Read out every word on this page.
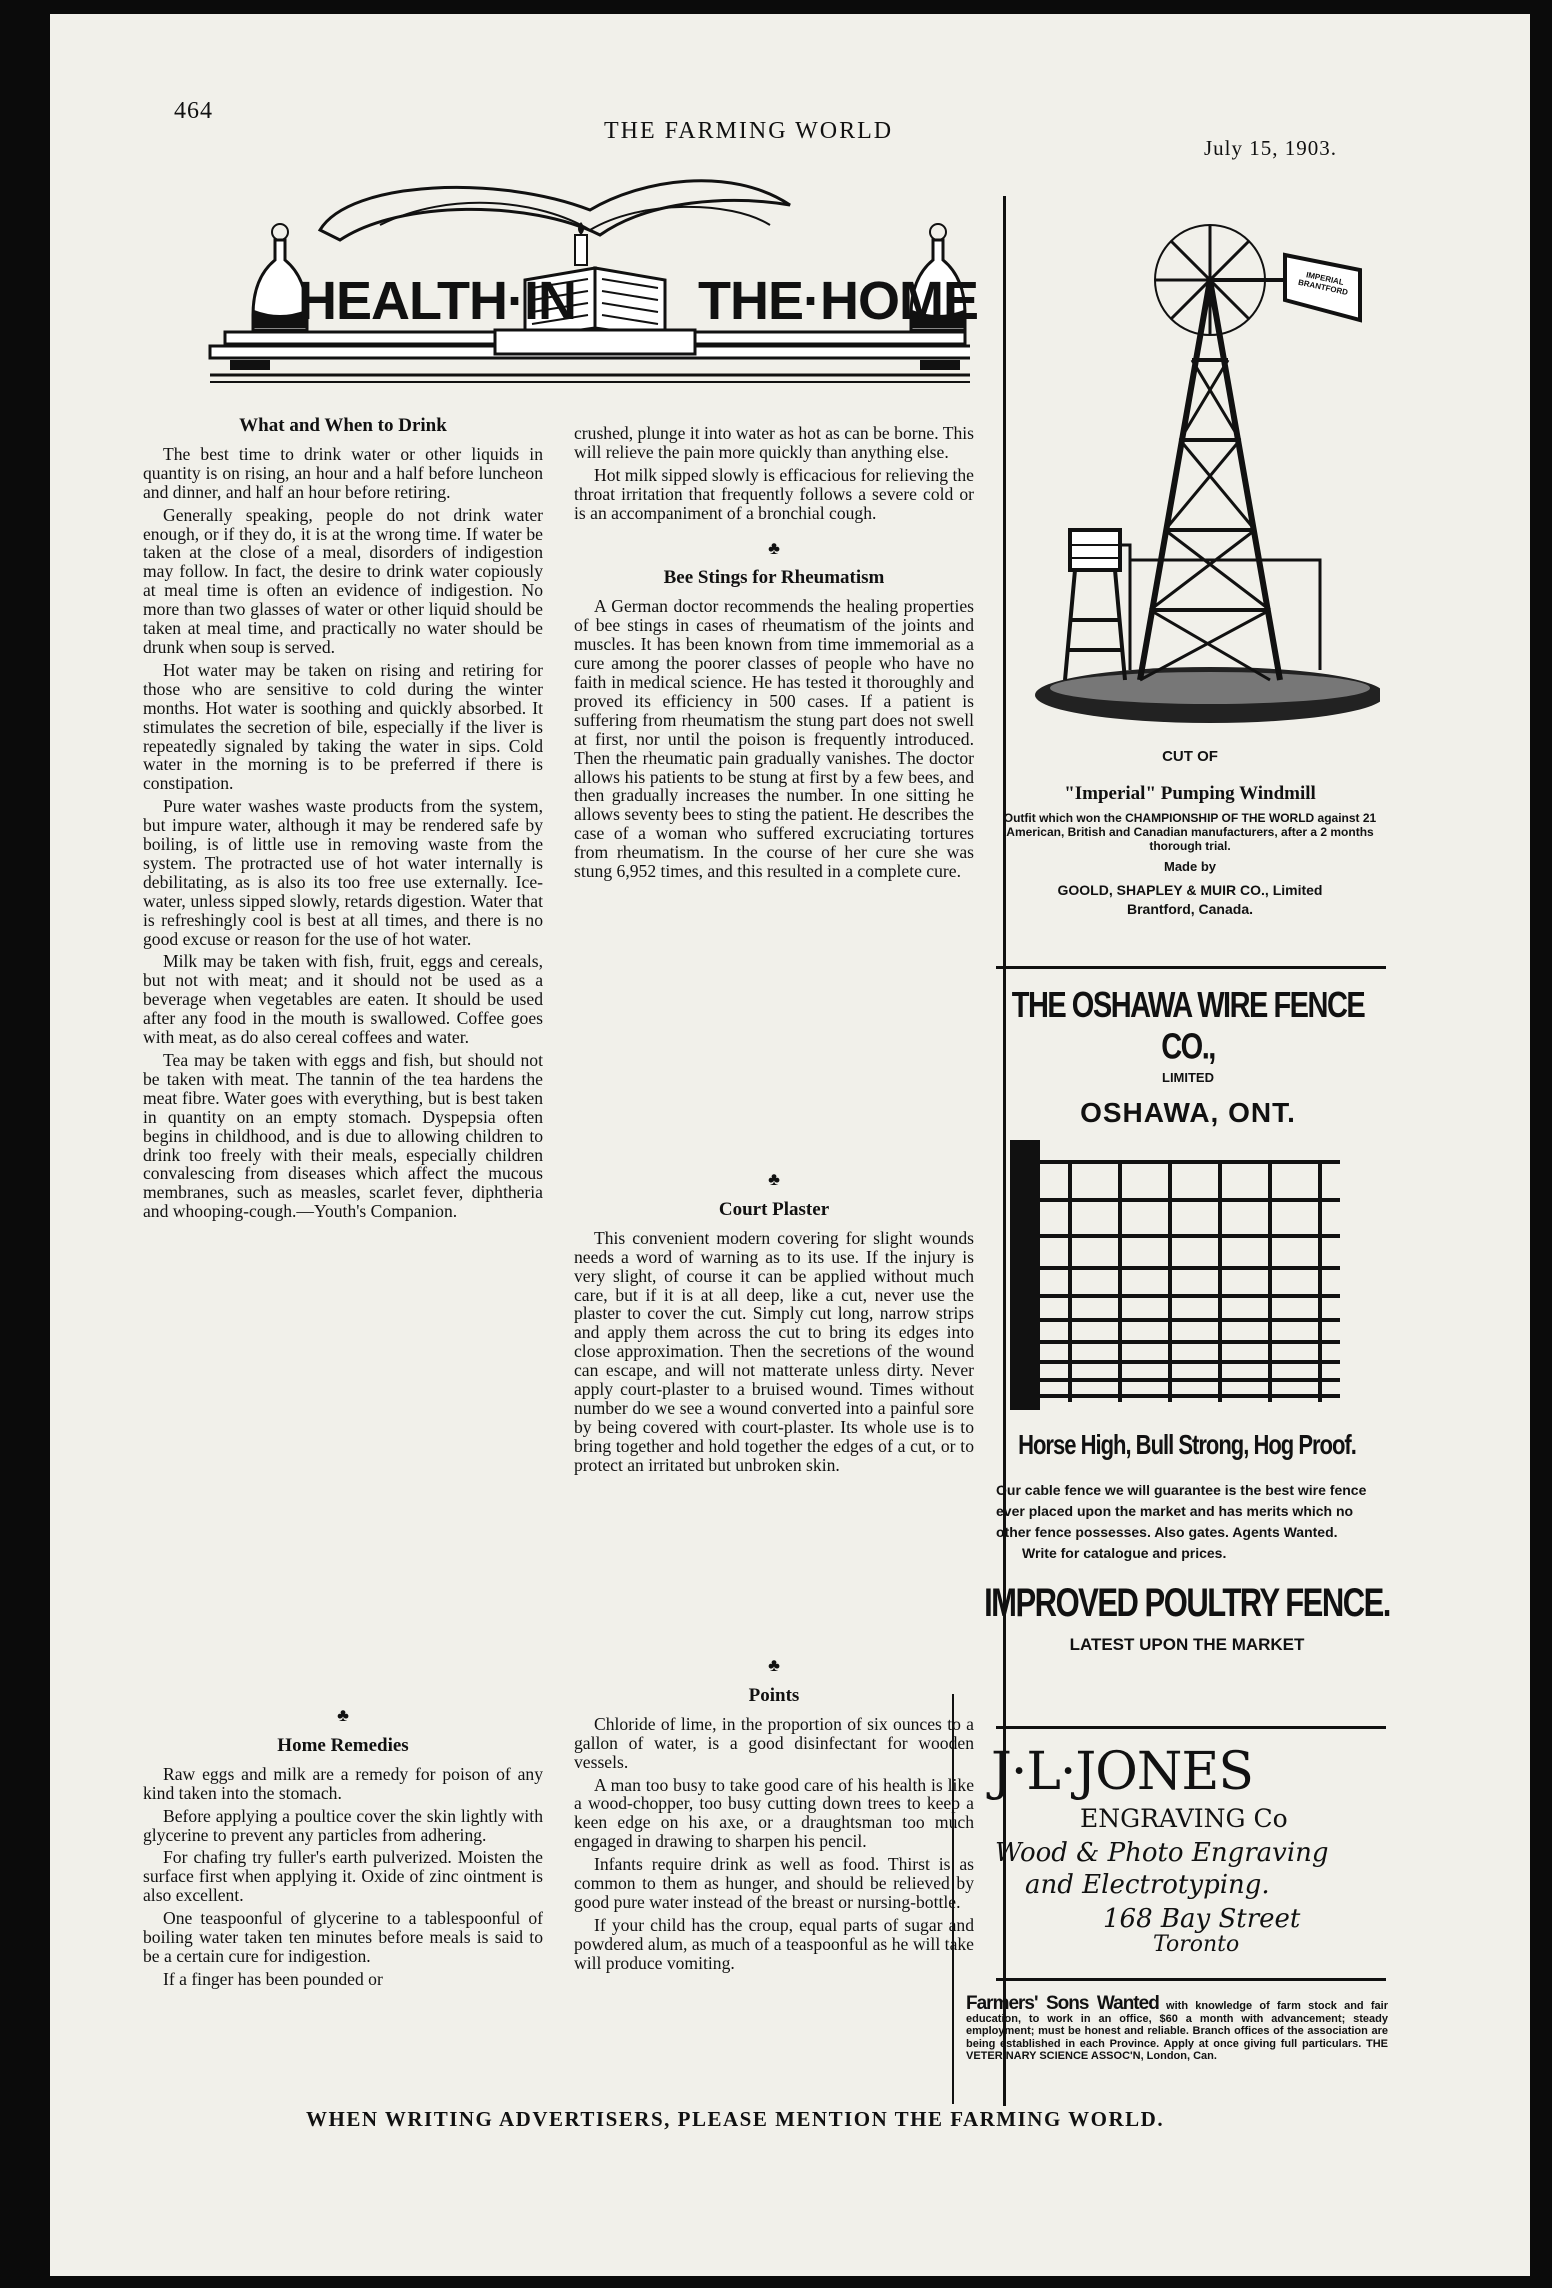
464
THE FARMING WORLD
July 15, 1903.
HEALTH·IN THE·HOME
What and When to Drink

The best time to drink water or other liquids in quantity is on rising, an hour and a half before luncheon and dinner, and half an hour before retiring.

Generally speaking, people do not drink water enough, or if they do, it is at the wrong time. If water be taken at the close of a meal, disorders of indigestion may follow. In fact, the desire to drink water copiously at meal time is often an evidence of indigestion. No more than two glasses of water or other liquid should be taken at meal time, and practically no water should be drunk when soup is served.

Hot water may be taken on rising and retiring for those who are sensitive to cold during the winter months. Hot water is soothing and quickly absorbed. It stimulates the secretion of bile, especially if the liver is repeatedly signaled by taking the water in sips. Cold water in the morning is to be preferred if there is constipation.

Pure water washes waste products from the system, but impure water, although it may be rendered safe by boiling, is of little use in removing waste from the system. The protracted use of hot water internally is debilitating, as is also its too free use externally. Ice-water, unless sipped slowly, retards digestion. Water that is refreshingly cool is best at all times, and there is no good excuse or reason for the use of hot water.

Milk may be taken with fish, fruit, eggs and cereals, but not with meat; and it should not be used as a beverage when vegetables are eaten. It should be used after any food in the mouth is swallowed. Coffee goes with meat, as do also cereal coffees and water.

Tea may be taken with eggs and fish, but should not be taken with meat. The tannin of the tea hardens the meat fibre. Water goes with everything, but is best taken in quantity on an empty stomach. Dyspepsia often begins in childhood, and is due to allowing children to drink too freely with their meals, especially children convalescing from diseases which affect the mucous membranes, such as measles, scarlet fever, diphtheria and whooping-cough.—Youth's Companion.

♣
Home Remedies

Raw eggs and milk are a remedy for poison of any kind taken into the stomach.

Before applying a poultice cover the skin lightly with glycerine to prevent any particles from adhering.

For chafing try fuller's earth pulverized. Moisten the surface first when applying it. Oxide of zinc ointment is also excellent.

One teaspoonful of glycerine to a tablespoonful of boiling water taken ten minutes before meals is said to be a certain cure for indigestion.

If a finger has been pounded or

crushed, plunge it into water as hot as can be borne. This will relieve the pain more quickly than anything else.

Hot milk sipped slowly is efficacious for relieving the throat irritation that frequently follows a severe cold or is an accompaniment of a bronchial cough.

♣
Bee Stings for Rheumatism

A German doctor recommends the healing properties of bee stings in cases of rheumatism of the joints and muscles. It has been known from time immemorial as a cure among the poorer classes of people who have no faith in medical science. He has tested it thoroughly and proved its efficiency in 500 cases. If a patient is suffering from rheumatism the stung part does not swell at first, nor until the poison is frequently introduced. Then the rheumatic pain gradually vanishes. The doctor allows his patients to be stung at first by a few bees, and then gradually increases the number. In one sitting he allows seventy bees to sting the patient. He describes the case of a woman who suffered excruciating tortures from rheumatism. In the course of her cure she was stung 6,952 times, and this resulted in a complete cure.

♣
Court Plaster

This convenient modern covering for slight wounds needs a word of warning as to its use. If the injury is very slight, of course it can be applied without much care, but if it is at all deep, like a cut, never use the plaster to cover the cut. Simply cut long, narrow strips and apply them across the cut to bring its edges into close approximation. Then the secretions of the wound can escape, and will not matterate unless dirty. Never apply court-plaster to a bruised wound. Times without number do we see a wound converted into a painful sore by being covered with court-plaster. Its whole use is to bring together and hold together the edges of a cut, or to protect an irritated but unbroken skin.

♣
Points

Chloride of lime, in the proportion of six ounces to a gallon of water, is a good disinfectant for wooden vessels.

A man too busy to take good care of his health is like a wood-chopper, too busy cutting down trees to keep a keen edge on his axe, or a draughtsman too much engaged in drawing to sharpen his pencil.

Infants require drink as well as food. Thirst is as common to them as hunger, and should be relieved by good pure water instead of the breast or nursing-bottle.

If your child has the croup, equal parts of sugar and powdered alum, as much of a teaspoonful as he will take will produce vomiting.

IMPERIAL BRANTFORD
CUT OF
"Imperial" Pumping Windmill
Outfit which won the CHAMPIONSHIP OF THE WORLD against 21 American, British and Canadian manufacturers, after a 2 months thorough trial.
Made by
GOOLD, SHAPLEY & MUIR CO., Limited
Brantford, Canada.
THE OSHAWA WIRE FENCE CO.,
LIMITED
OSHAWA, ONT.
Horse High, Bull Strong, Hog Proof.
Our cable fence we will guarantee is the best wire fence ever placed upon the market and has merits which no other fence possesses. Also gates. Agents Wanted.
Write for catalogue and prices.
IMPROVED POULTRY FENCE.
LATEST UPON THE MARKET
J·L·JONES
ENGRAVING Co
Wood & Photo Engraving
and Electrotyping.
168 Bay Street
Toronto
Farmers' Sons Wanted with knowledge of farm stock and fair education, to work in an office, $60 a month with advancement; steady employment; must be honest and reliable. Branch offices of the association are being established in each Province. Apply at once giving full particulars. THE VETERINARY SCIENCE ASSOC'N, London, Can.
WHEN WRITING ADVERTISERS, PLEASE MENTION THE FARMING WORLD.
